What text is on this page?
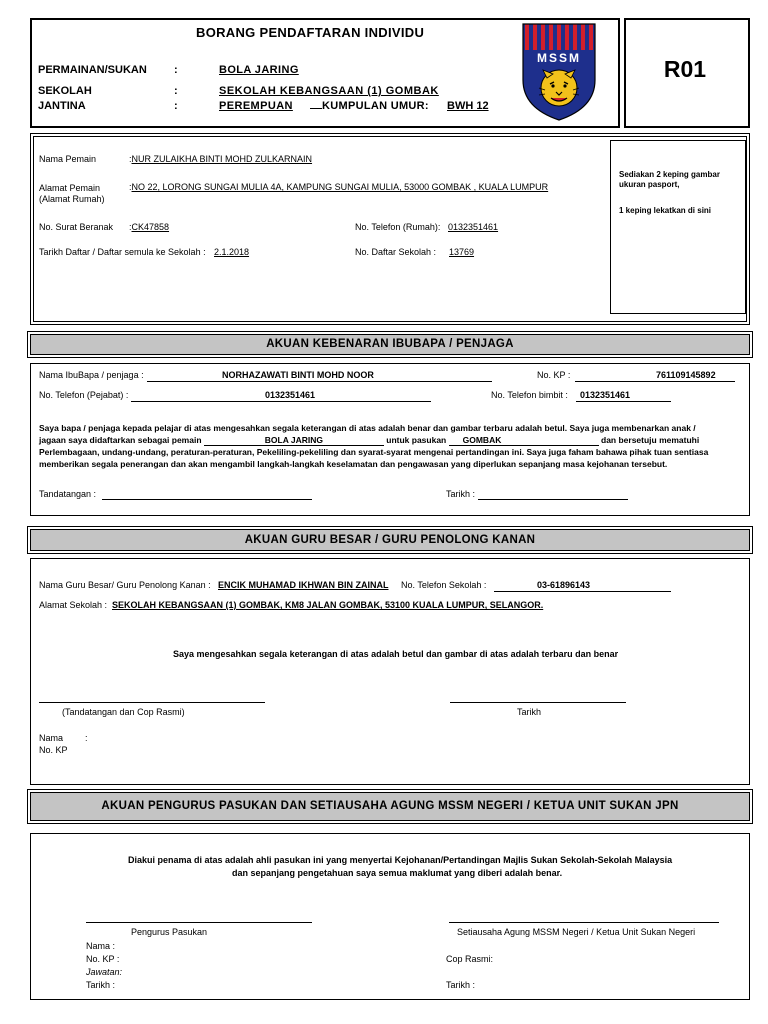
BORANG PENDAFTARAN INDIVIDU
PERMAINAN/SUKAN :	BOLA JARING
SEKOLAH	:	SEKOLAH KEBANGSAAN (1) GOMBAK
JANTINA	:	PEREMPUAN	KUMPULAN UMUR: BWH 12
MSSM	R01
Nama Pemain	:NUR ZULAIKHA BINTI MOHD ZULKARNAIN
Alamat Pemain
(Alamat Rumah)
:NO 22, LORONG SUNGAI MULIA 4A, KAMPUNG SUNGAI MULIA, 53000 GOMBAK , KUALA LUMPUR
No. Surat Beranak :CK47858	No. Telefon (Rumah): 0132351461
Tarikh Daftar / Daftar semula ke Sekolah : 2.1.2018	No. Daftar Sekolah :	13769
Sediakan 2 keping gambar ukuran pasport,
1 keping lekatkan di sini
AKUAN KEBENARAN IBUBAPA / PENJAGA
Nama IbuBapa / penjaga :	NORHAZAWATI BINTI MOHD NOOR	No. KP :	761109145892
No. Telefon (Pejabat) :	0132351461	No. Telefon bimbit : 0132351461
Saya bapa / penjaga kepada pelajar di atas mengesahkan segala keterangan di atas adalah benar dan gambar terbaru adalah betul. Saya juga membenarkan anak /
jagaan saya didaftarkan sebagai pemain	BOLA JARING	untuk pasukan GOMBAK	dan bersetuju mematuhi
Perlembagaan, undang-undang, peraturan-peraturan, Pekeliling-pekeliling dan syarat-syarat mengenai pertandingan ini. Saya juga faham bahawa pihak tuan sentiasa
memberikan segala penerangan dan akan mengambil langkah-langkah keselamatan dan pengawasan yang diperlukan sepanjang masa kejohanan tersebut.
Tandatangan :	Tarikh :
AKUAN GURU BESAR / GURU PENOLONG KANAN
Nama Guru Besar/ Guru Penolong Kanan : ENCIK MUHAMAD IKHWAN BIN ZAINAL	No. Telefon Sekolah :	03-61896143
Alamat Sekolah : SEKOLAH KEBANGSAAN (1) GOMBAK, KM8 JALAN GOMBAK, 53100 KUALA LUMPUR, SELANGOR.
Saya mengesahkan segala keterangan di atas adalah betul dan gambar di atas adalah terbaru dan benar
(Tandatangan dan Cop Rasmi)	Tarikh
Nama :
No. KP
AKUAN PENGURUS PASUKAN DAN SETIAUSAHA AGUNG MSSM NEGERI / KETUA UNIT SUKAN JPN
Diakui penama di atas adalah ahli pasukan ini yang menyertai Kejohanan/Pertandingan Majlis Sukan Sekolah-Sekolah Malaysia
dan sepanjang pengetahuan saya semua maklumat yang diberi adalah benar.
Pengurus Pasukan	Setiausaha Agung MSSM Negeri / Ketua Unit Sukan Negeri
Nama :
No. KP :
Jawatan:
Tarikh :
Cop Rasmi:
Tarikh :
